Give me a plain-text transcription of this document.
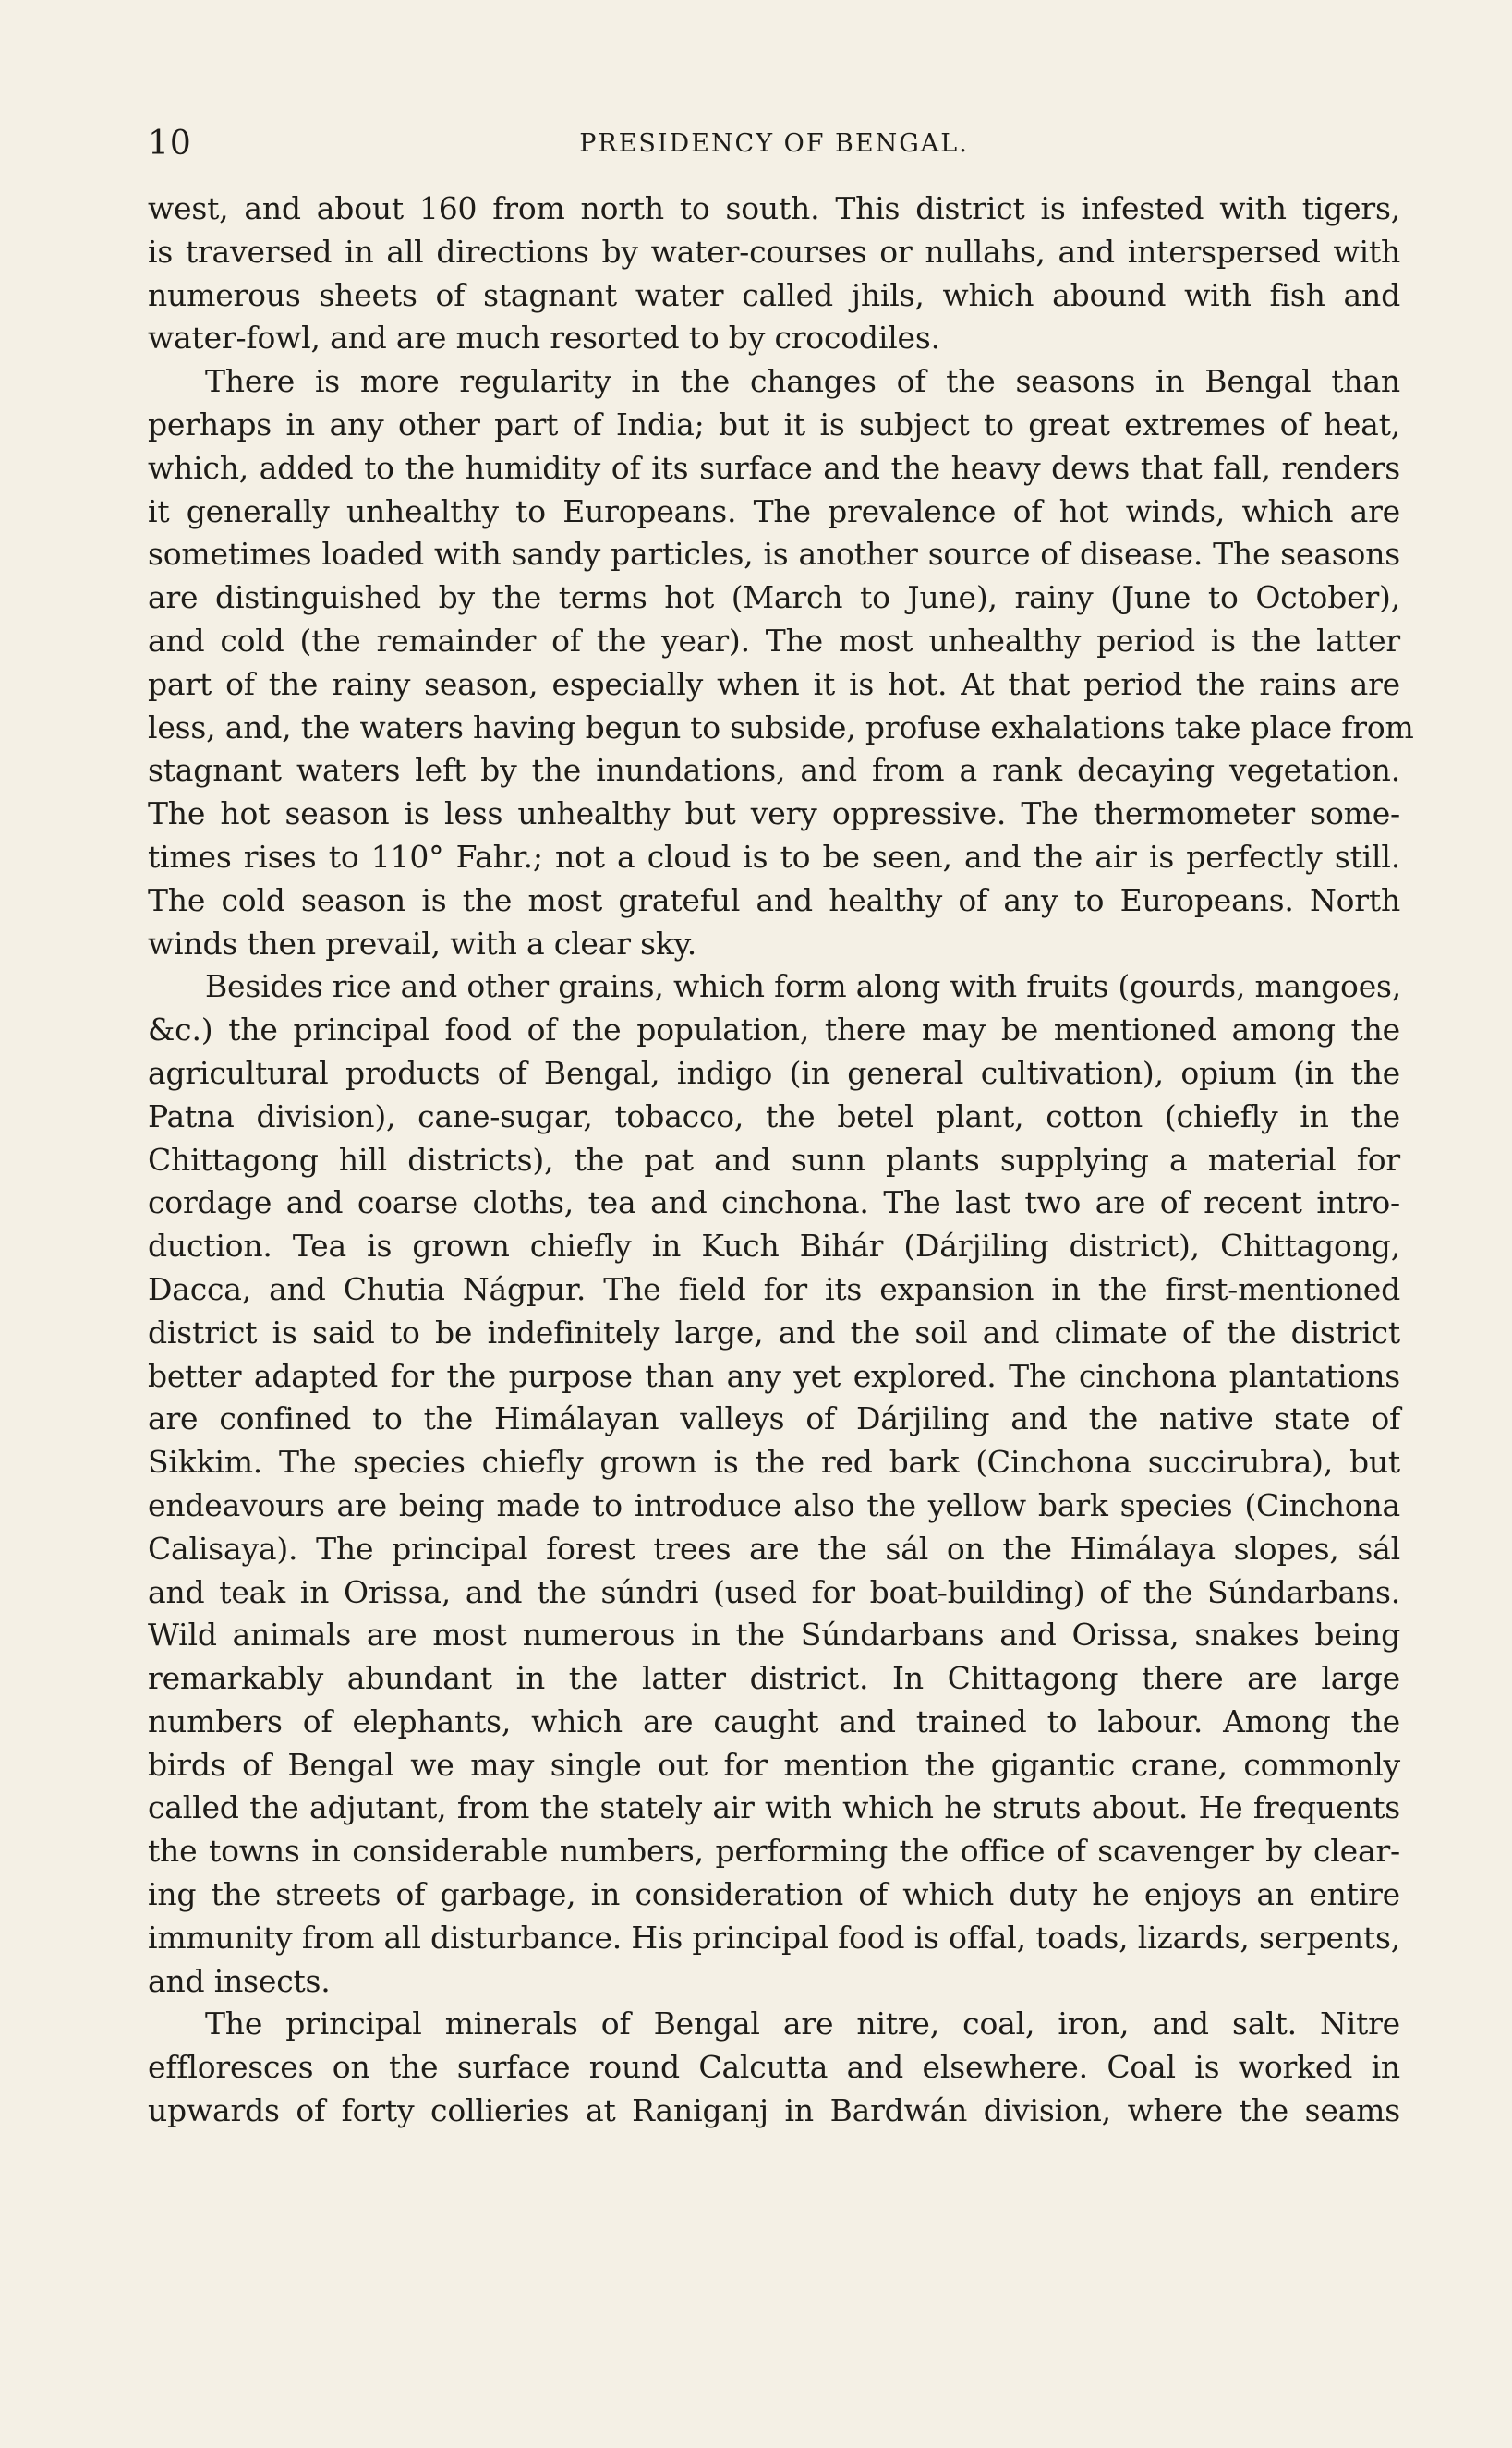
10	PRESIDENCY OF BENGAL.
west, and about 160 from north to south. This district is infested with tigers,
is traversed in all directions by water-courses or nullahs, and interspersed with
numerous sheets of stagnant water called jhils, which abound with fish and
water-fowl, and are much resorted to by crocodiles.
There is more regularity in the changes of the seasons in Bengal than
perhaps in any other part of India; but it is subject to great extremes of heat,
which, added to the humidity of its surface and the heavy dews that fall, renders
it generally unhealthy to Europeans. The prevalence of hot winds, which are
sometimes loaded with sandy particles, is another source of disease. The seasons
are distinguished by the terms hot (March to June), rainy (June to October),
and cold (the remainder of the year). The most unhealthy period is the latter
part of the rainy season, especially when it is hot. At that period the rains are
less, and, the waters having begun to subside, profuse exhalations take place from
stagnant waters left by the inundations, and from a rank decaying vegetation.
The hot season is less unhealthy but very oppressive. The thermometer some-
times rises to 110° Fahr.; not a cloud is to be seen, and the air is perfectly still.
The cold season is the most grateful and healthy of any to Europeans. North
winds then prevail, with a clear sky.
Besides rice and other grains, which form along with fruits (gourds, mangoes,
&c.) the principal food of the population, there may be mentioned among the
agricultural products of Bengal, indigo (in general cultivation), opium (in the
Patna division), cane-sugar, tobacco, the betel plant, cotton (chiefly in the
Chittagong hill districts), the pat and sunn plants supplying a material for
cordage and coarse cloths, tea and cinchona. The last two are of recent intro-
duction. Tea is grown chiefly in Kuch Bihár (Dárjiling district), Chittagong,
Dacca, and Chutia Nágpur. The field for its expansion in the first-mentioned
district is said to be indefinitely large, and the soil and climate of the district
better adapted for the purpose than any yet explored. The cinchona plantations
are confined to the Himálayan valleys of Dárjiling and the native state of
Sikkim. The species chiefly grown is the red bark (Cinchona succirubra), but
endeavours are being made to introduce also the yellow bark species (Cinchona
Calisaya). The principal forest trees are the sál on the Himálaya slopes, sál
and teak in Orissa, and the súndri (used for boat-building) of the Súndarbans.
Wild animals are most numerous in the Súndarbans and Orissa, snakes being
remarkably abundant in the latter district. In Chittagong there are large
numbers of elephants, which are caught and trained to labour. Among the
birds of Bengal we may single out for mention the gigantic crane, commonly
called the adjutant, from the stately air with which he struts about. He frequents
the towns in considerable numbers, performing the office of scavenger by clear-
ing the streets of garbage, in consideration of which duty he enjoys an entire
immunity from all disturbance. His principal food is offal, toads, lizards, serpents,
and insects.
The principal minerals of Bengal are nitre, coal, iron, and salt. Nitre
effloresces on the surface round Calcutta and elsewhere. Coal is worked in
upwards of forty collieries at Raniganj in Bardwán division, where the seams
